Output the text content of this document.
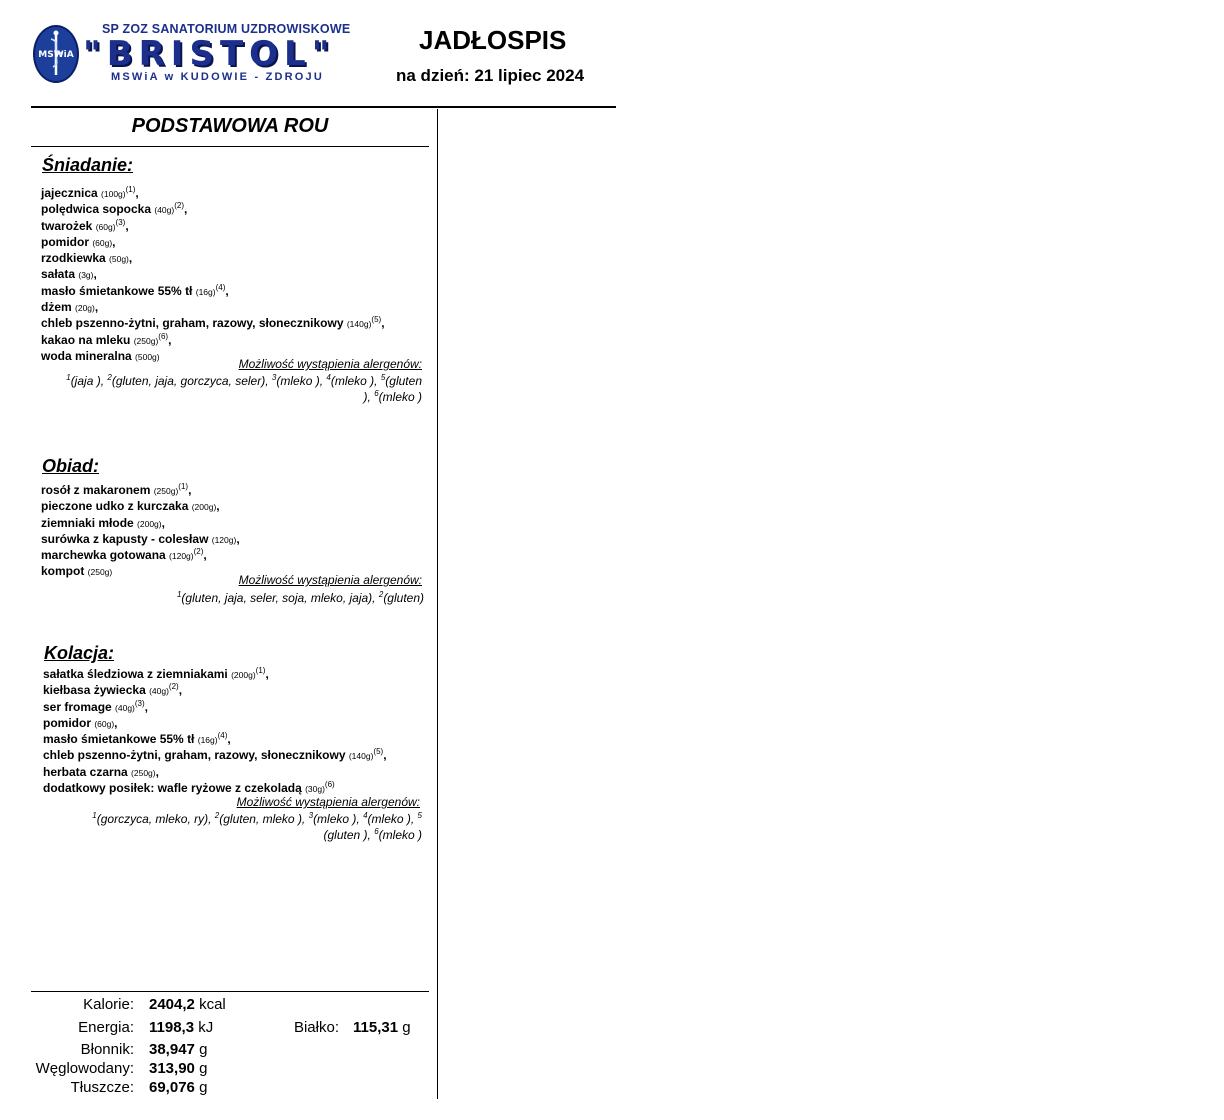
MSWiA
SP ZOZ SANATORIUM UZDROWISKOWE
"BRISTOL"
MSWiA w KUDOWIE - ZDROJU
JADŁOSPIS
na dzień: 21 lipiec 2024
PODSTAWOWA ROU
Śniadanie:
jajecznica $(100g)^{(1)}$,
polędwica sopocka $(40g)^{(2)}$,
twarożek $(60g)^{(3)}$,
pomidor (60g),
rzodkiewka (50g),
sałata (3g),
masło śmietankowe 55% tł $(16g)^{(4)}$,
dżem (20g),
chleb pszenno-żytni, graham, razowy, słonecznikowy $(140g)^{(5)}$,
kakao na mleku $(250g)^{(6)}$,
woda mineralna (500g)
Możliwość wystąpienia alergenów:
$^1$(jaja ), $^2$(gluten, jaja, gorczyca, seler), $^3$(mleko ), $^4$(mleko ), $^5$(gluten
), $^6$(mleko )
Obiad:
rosół z makaronem $(250g)^{(1)}$,
pieczone udko z kurczaka (200g),
ziemniaki młode (200g),
surówka z kapusty - colesław (120g),
marchewka gotowana $(120g)^{(2)}$,
kompot (250g)
Możliwość wystąpienia alergenów:
$^1$(gluten, jaja, seler, soja, mleko, jaja), $^2$(gluten)
Kolacja:
sałatka śledziowa z ziemniakami $(200g)^{(1)}$,
kiełbasa żywiecka $(40g)^{(2)}$,
ser fromage $(40g)^{(3)}$,
pomidor (60g),
masło śmietankowe 55% tł $(16g)^{(4)}$,
chleb pszenno-żytni, graham, razowy, słonecznikowy $(140g)^{(5)}$,
herbata czarna (250g),
dodatkowy posiłek: wafle ryżowe z czekoladą $(30g)^{(6)}$
Możliwość wystąpienia alergenów:
$^1$(gorczyca, mleko, ry), $^2$(gluten, mleko ), $^3$(mleko ), $^4$(mleko ), $^5$
(gluten ), $^6$(mleko )
Kalorie: 2404,2 kcal
Energia: 1198,3 kJ	Białko: 115,31 g
Błonnik: 38,947 g
Węglowodany: 313,90 g
Tłuszcze: 69,076 g
